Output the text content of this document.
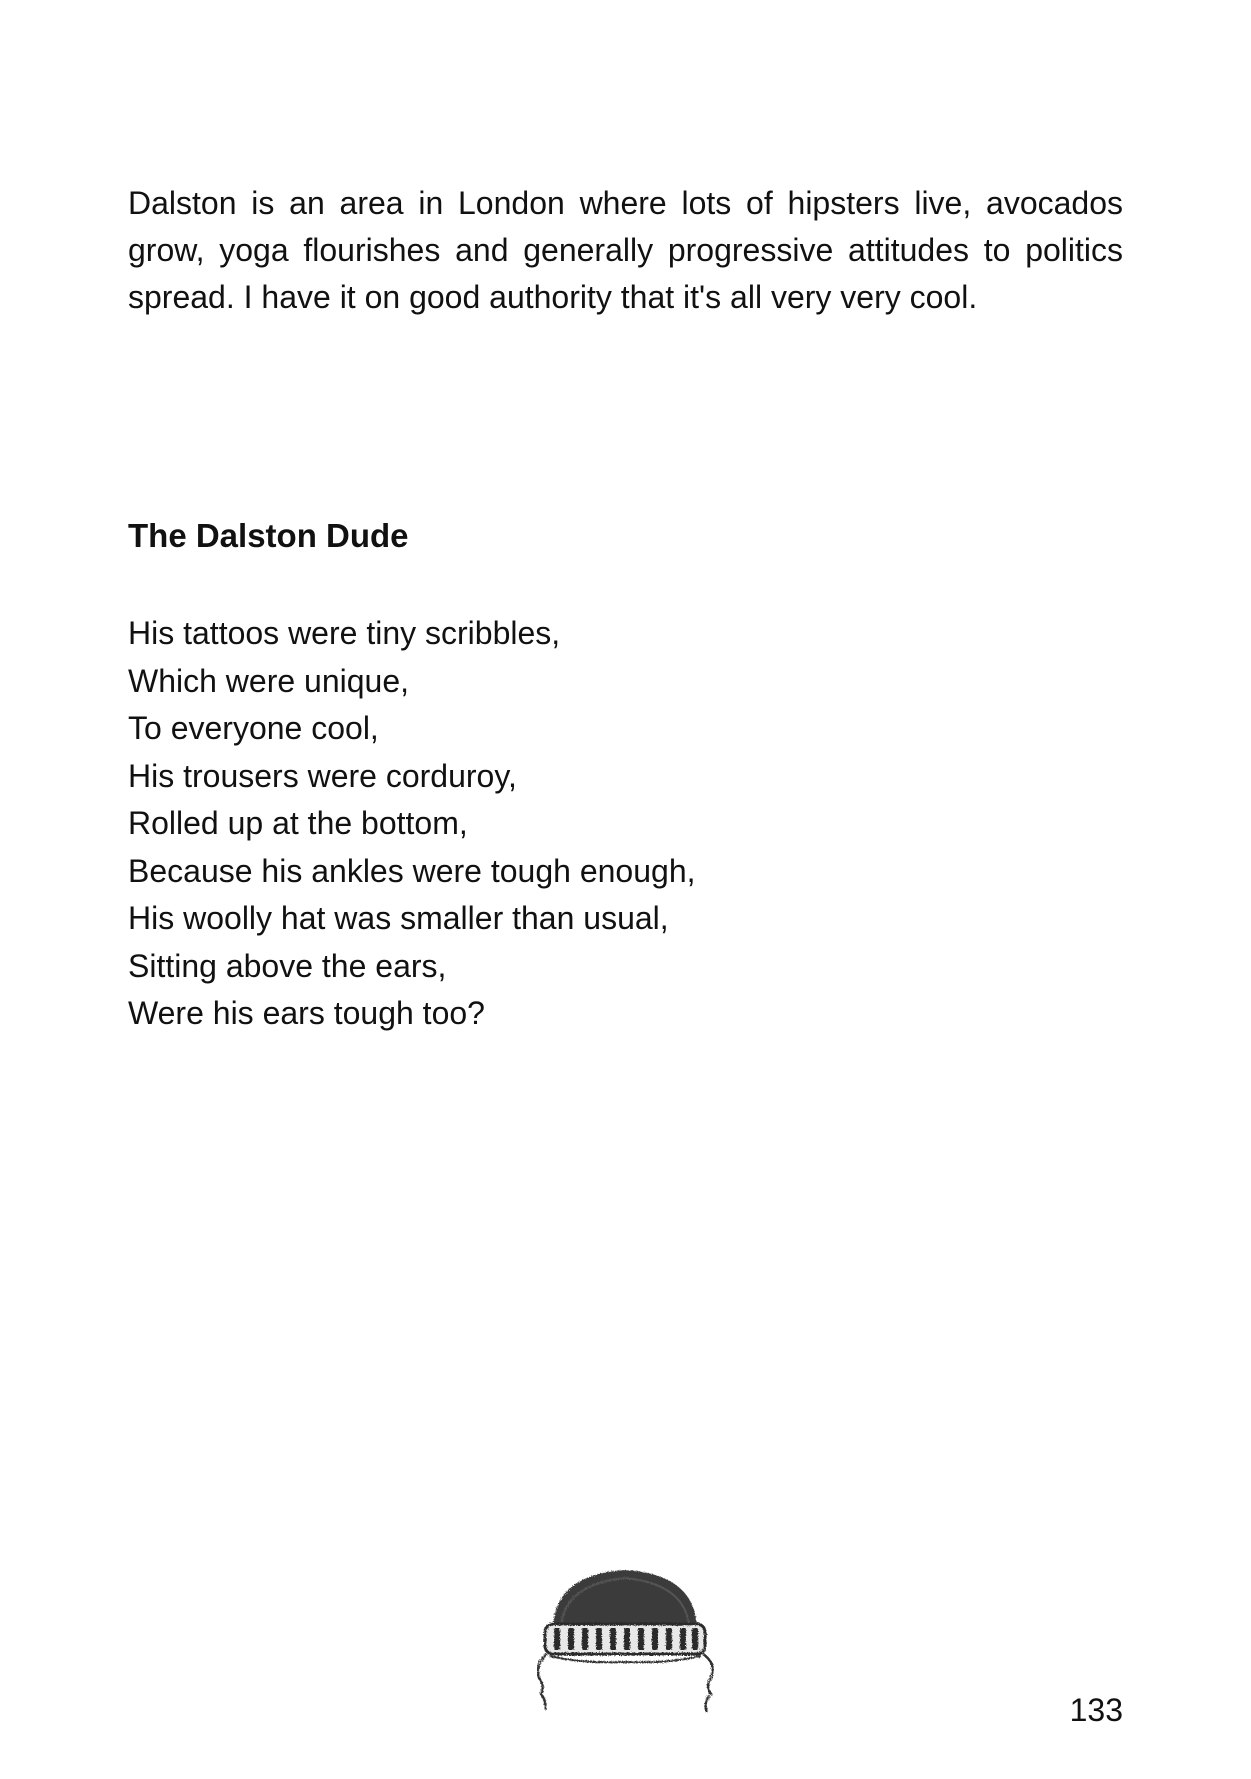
Dalston is an area in London where lots of hipsters live, avocados grow, yoga flourishes and generally progressive attitudes to politics spread. I have it on good authority that it's all very very cool.

The Dalston Dude
His tattoos were tiny scribbles,
Which were unique,
To everyone cool,
His trousers were corduroy,
Rolled up at the bottom,
Because his ankles were tough enough,
His woolly hat was smaller than usual,
Sitting above the ears,
Were his ears tough too?

133
